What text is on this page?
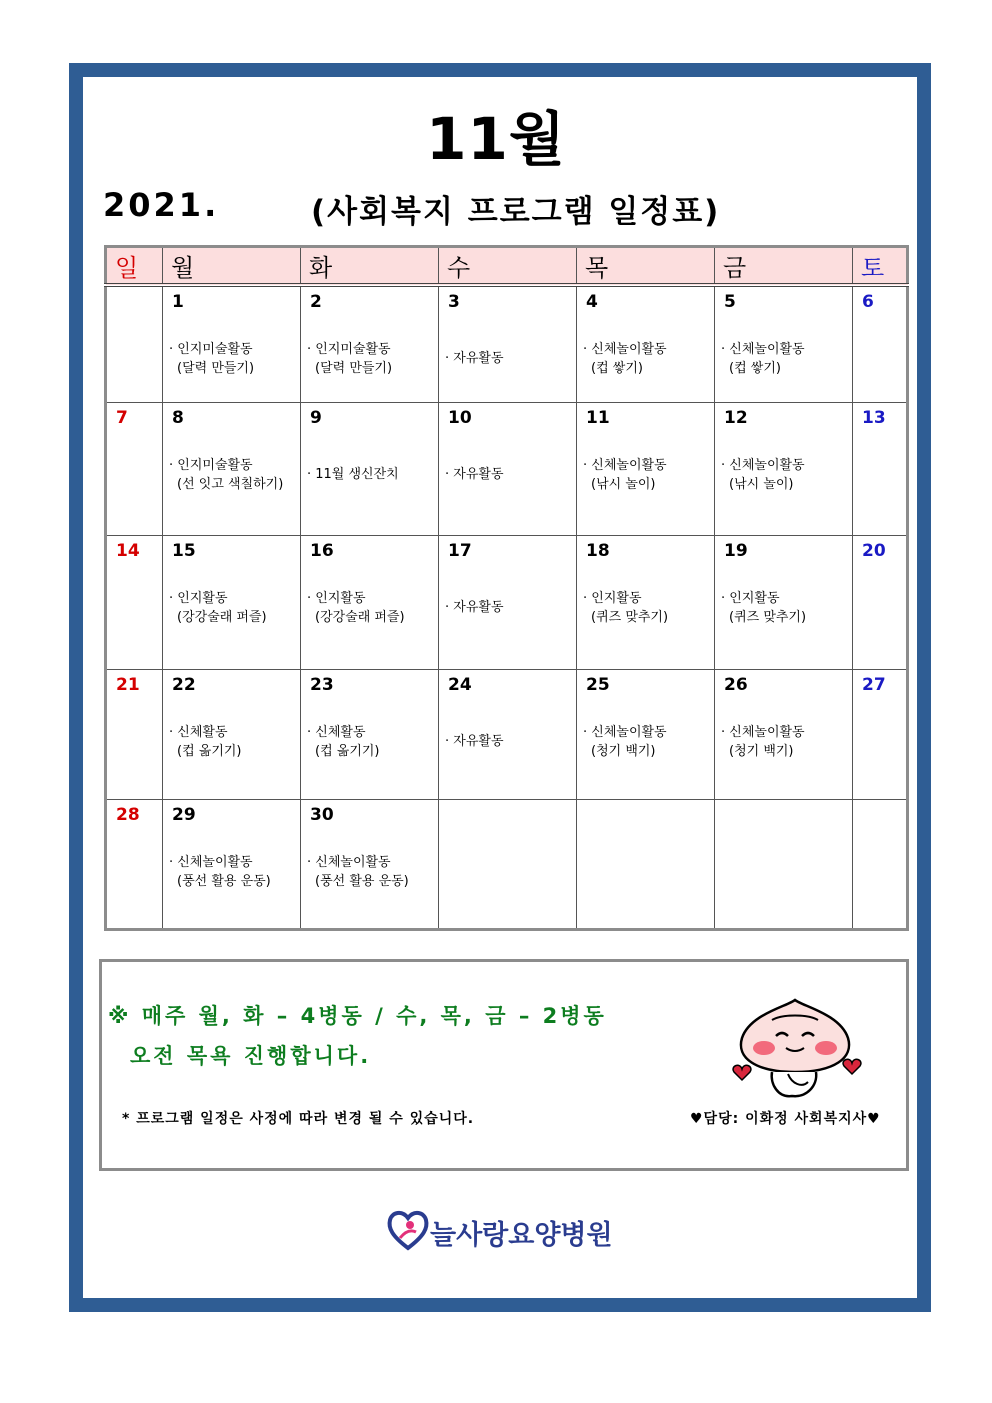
11월
2021.	(사회복지 프로그램 일정표)
일	월	화	수	목	금	토

	1
· 인지미술활동
(달력 만들기)	2
· 인지미술활동
(달력 만들기)	3
· 자유활동	4
· 신체놀이활동
(컵 쌓기)	5
· 신체놀이활동
(컵 쌓기)	6

7	8
· 인지미술활동
(선 잇고 색칠하기)	9
· 11월 생신잔치	10
· 자유활동	11
· 신체놀이활동
(낚시 놀이)	12
· 신체놀이활동
(낚시 놀이)	13

14	15
· 인지활동
(강강술래 퍼즐)	16
· 인지활동
(강강술래 퍼즐)	17
· 자유활동	18
· 인지활동
(퀴즈 맞추기)	19
· 인지활동
(퀴즈 맞추기)	20

21	22
· 신체활동
(컵 옮기기)	23
· 신체활동
(컵 옮기기)	24
· 자유활동	25
· 신체놀이활동
(청기 백기)	26
· 신체놀이활동
(청기 백기)	27

28	29
· 신체놀이활동
(풍선 활용 운동)	30
· 신체놀이활동
(풍선 활용 운동)				

※ 매주 월, 화 – 4병동 / 수, 목, 금 – 2병동
오전 목욕 진행합니다.
* 프로그램 일정은 사정에 따라 변경 될 수 있습니다.	♥담당: 이화정 사회복지사♥
늘사랑요양병원
